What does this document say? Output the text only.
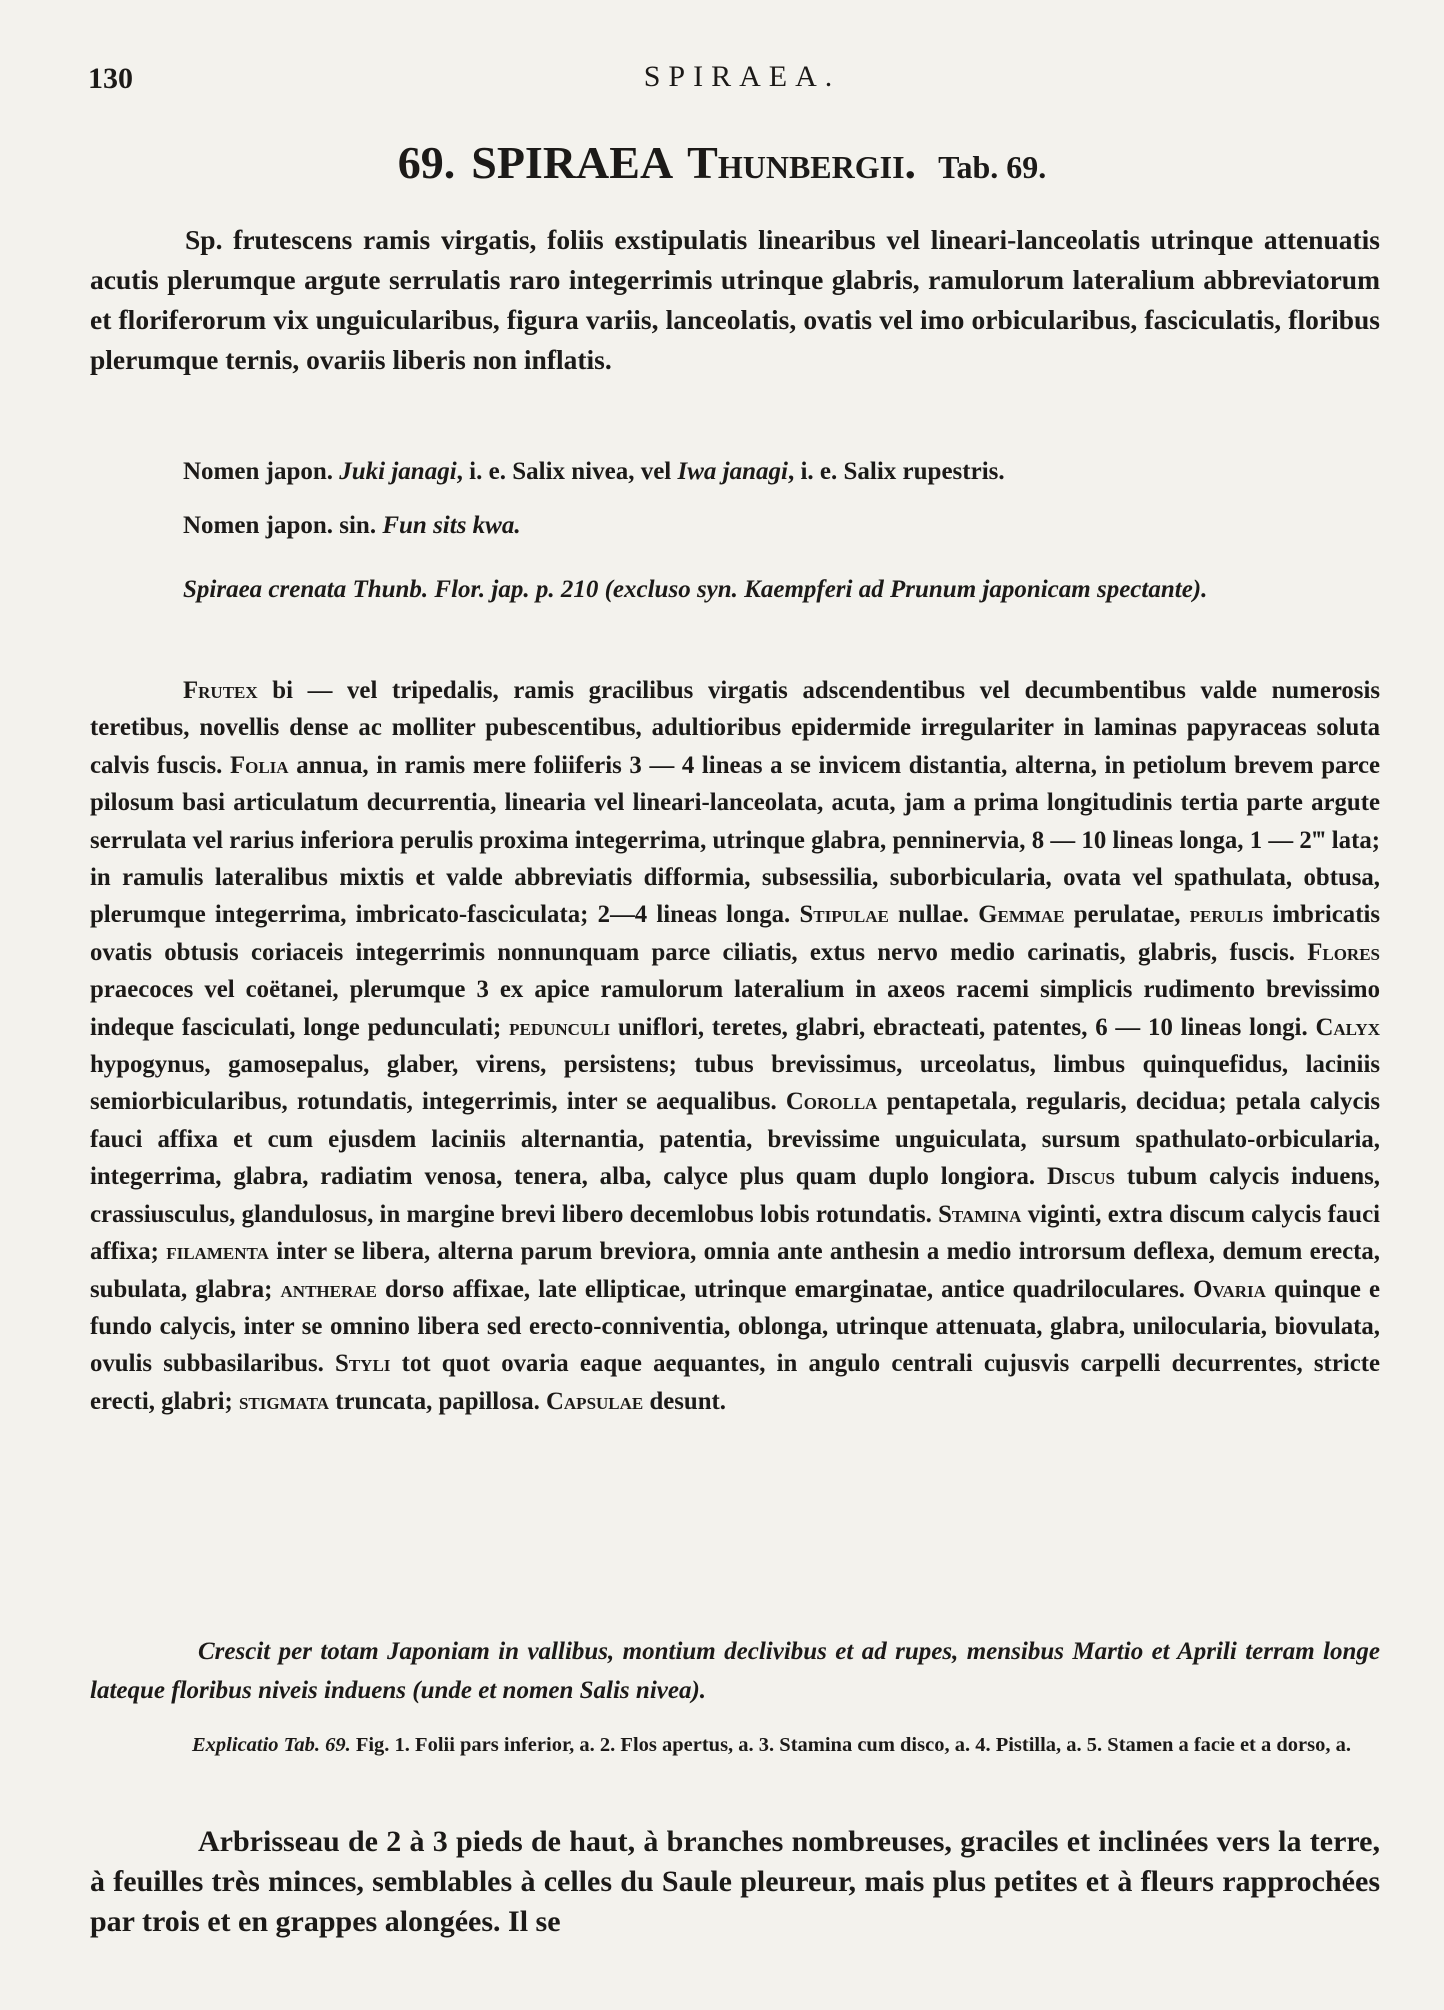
130	SPIRAEA.
69. SPIRAEA Thunbergii. Tab. 69.

Sp. frutescens ramis virgatis, foliis exstipulatis linearibus vel lineari-lanceolatis utrinque attenuatis acutis plerumque argute serrulatis raro integerrimis utrinque glabris, ramulorum lateralium abbreviatorum et floriferorum vix unguicularibus, figura variis, lanceolatis, ovatis vel imo orbicularibus, fasciculatis, floribus plerumque ternis, ovariis liberis non inflatis.

Nomen japon. Juki janagi, i. e. Salix nivea, vel Iwa janagi, i. e. Salix rupestris.

Nomen japon. sin. Fun sits kwa.

Spiraea crenata Thunb. Flor. jap. p. 210 (excluso syn. Kaempferi ad Prunum japonicam spectante).

Frutex bi — vel tripedalis, ramis gracilibus virgatis adscendentibus vel decumbentibus valde numerosis teretibus, novellis dense ac molliter pubescentibus, adultioribus epidermide irregulariter in laminas papyraceas soluta calvis fuscis. Folia annua, in ramis mere foliiferis 3 — 4 lineas a se invicem distantia, alterna, in petiolum brevem parce pilosum basi articulatum decurrentia, linearia vel lineari-lanceolata, acuta, jam a prima longitudinis tertia parte argute serrulata vel rarius inferiora perulis proxima integerrima, utrinque glabra, penninervia, 8 — 10 lineas longa, 1 — 2‴ lata; in ramulis lateralibus mixtis et valde abbreviatis difformia, subsessilia, suborbicularia, ovata vel spathulata, obtusa, plerumque integerrima, imbricato-fasciculata; 2—4 lineas longa. Stipulae nullae. Gemmae perulatae, perulis imbricatis ovatis obtusis coriaceis integerrimis nonnunquam parce ciliatis, extus nervo medio carinatis, glabris, fuscis. Flores praecoces vel coëtanei, plerumque 3 ex apice ramulorum lateralium in axeos racemi simplicis rudimento brevissimo indeque fasciculati, longe pedunculati; pedunculi uniflori, teretes, glabri, ebracteati, patentes, 6 — 10 lineas longi. Calyx hypogynus, gamosepalus, glaber, virens, persistens; tubus brevissimus, urceolatus, limbus quinquefidus, laciniis semiorbicularibus, rotundatis, integerrimis, inter se aequalibus. Corolla pentapetala, regularis, decidua; petala calycis fauci affixa et cum ejusdem laciniis alternantia, patentia, brevissime unguiculata, sursum spathulato-orbicularia, integerrima, glabra, radiatim venosa, tenera, alba, calyce plus quam duplo longiora. Discus tubum calycis induens, crassiusculus, glandulosus, in margine brevi libero decemlobus lobis rotundatis. Stamina viginti, extra discum calycis fauci affixa; filamenta inter se libera, alterna parum breviora, omnia ante anthesin a medio introrsum deflexa, demum erecta, subulata, glabra; antherae dorso affixae, late ellipticae, utrinque emarginatae, antice quadriloculares. Ovaria quinque e fundo calycis, inter se omnino libera sed erecto-conniventia, oblonga, utrinque attenuata, glabra, unilocularia, biovulata, ovulis subbasilaribus. Styli tot quot ovaria eaque aequantes, in angulo centrali cujusvis carpelli decurrentes, stricte erecti, glabri; stigmata truncata, papillosa. Capsulae desunt.

Crescit per totam Japoniam in vallibus, montium declivibus et ad rupes, mensibus Martio et Aprili terram longe lateque floribus niveis induens (unde et nomen Salis nivea).

Explicatio Tab. 69. Fig. 1. Folii pars inferior, a. 2. Flos apertus, a. 3. Stamina cum disco, a. 4. Pistilla, a. 5. Stamen a facie et a dorso, a.

Arbrisseau de 2 à 3 pieds de haut, à branches nombreuses, graciles et inclinées vers la terre, à feuilles très minces, semblables à celles du Saule pleureur, mais plus petites et à fleurs rapprochées par trois et en grappes alongées. Il se
